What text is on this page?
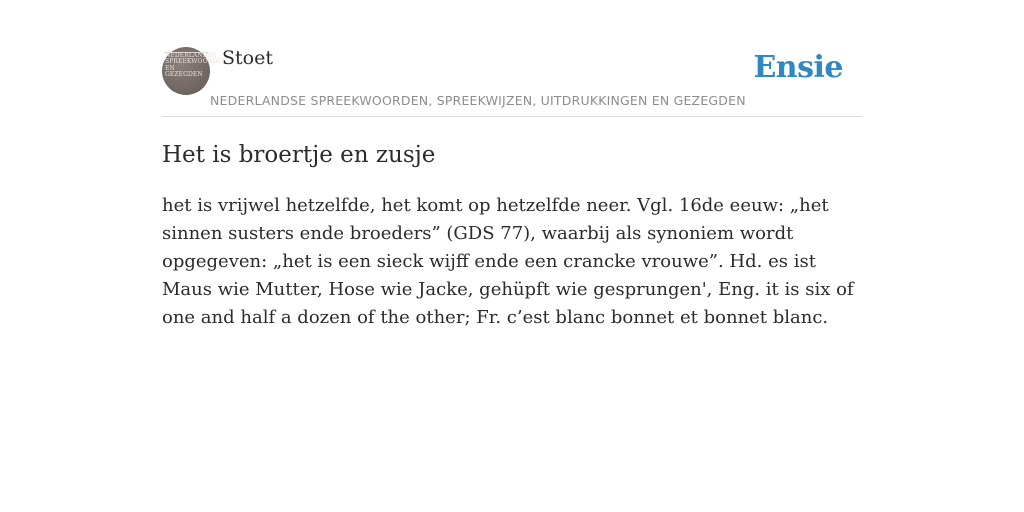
NEDERLANDSE SPREEKWOORDEN EN GEZEGDEN
Stoet
NEDERLANDSE SPREEKWOORDEN, SPREEKWIJZEN, UITDRUKKINGEN EN GEZEGDEN
Ensie
Het is broertje en zusje

het is vrijwel hetzelfde, het komt op hetzelfde neer. Vgl. 16de eeuw: „het sinnen susters ende broeders” (GDS 77), waarbij als synoniem wordt opgegeven: „het is een sieck wijff ende een crancke vrouwe”. Hd. es ist Maus wie Mutter, Hose wie Jacke, gehüpft wie gesprungen', Eng. it is six of one and half a dozen of the other; Fr. c’est blanc bonnet et bonnet blanc.
